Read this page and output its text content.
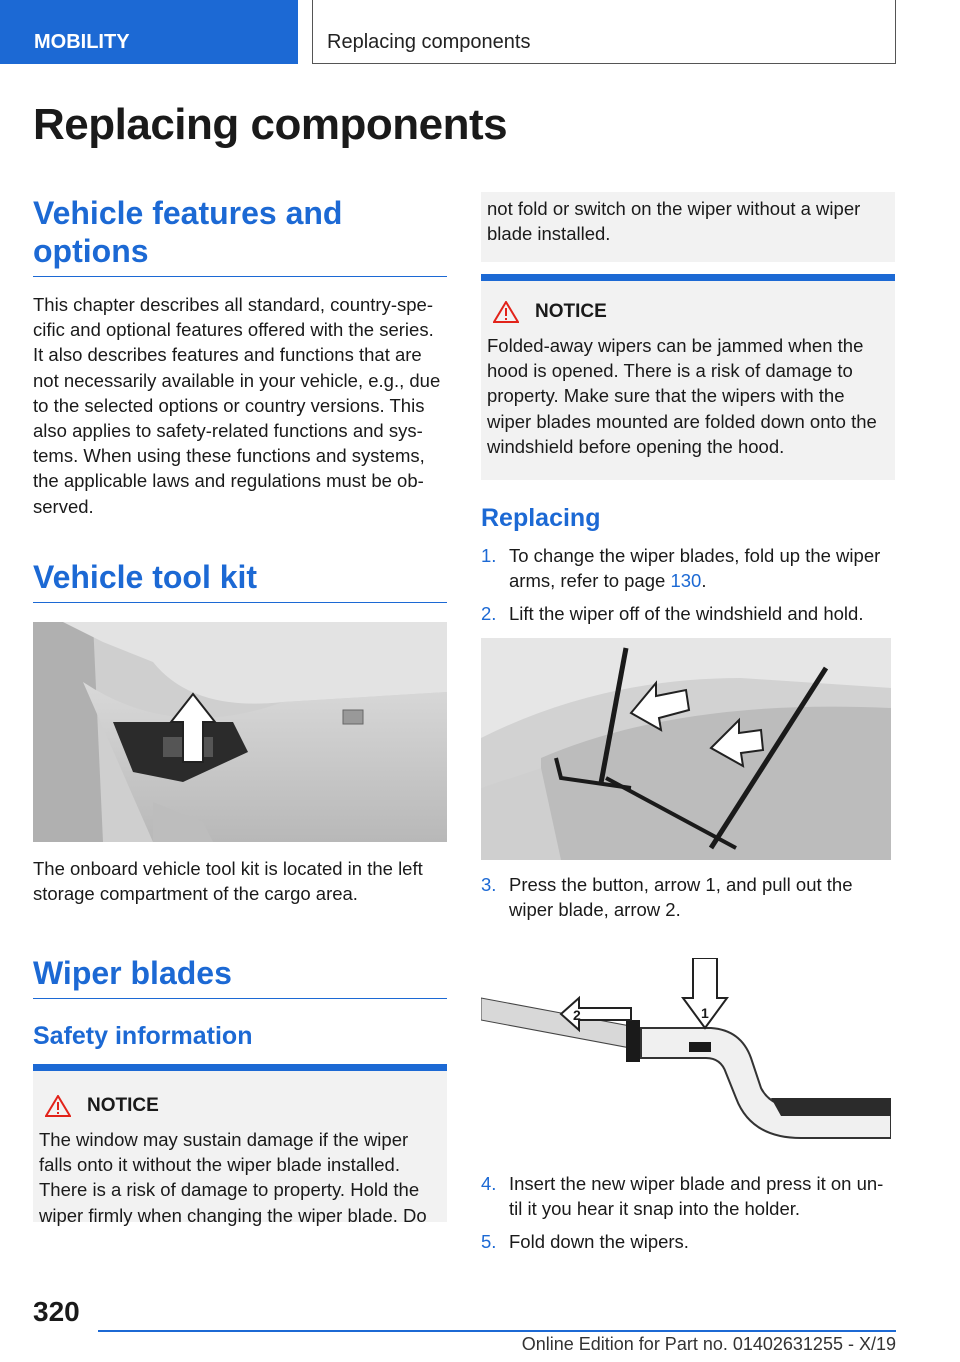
MOBILITY	Replacing components
Replacing components
Vehicle features and options

This chapter describes all standard, country-spe-cific and optional features offered with the series. It also describes features and functions that are not necessarily available in your vehicle, e.g., due to the selected options or country versions. This also applies to safety-related functions and sys-tems. When using these functions and systems, the applicable laws and regulations must be ob-served.

Vehicle tool kit

The onboard vehicle tool kit is located in the left storage compartment of the cargo area.

Wiper blades
Safety information
NOTICE

The window may sustain damage if the wiper falls onto it without the wiper blade installed. There is a risk of damage to property. Hold the wiper firmly when changing the wiper blade. Do

not fold or switch on the wiper without a wiper blade installed.
NOTICE

Folded-away wipers can be jammed when the hood is opened. There is a risk of damage to property. Make sure that the wipers with the wiper blades mounted are folded down onto the windshield before opening the hood.

Replacing
1. To change the wiper blades, fold up the wiper arms, refer to page 130.
2. Lift the wiper off of the windshield and hold.
3. Press the button, arrow 1, and pull out the wiper blade, arrow 2.
2	1
4. Insert the new wiper blade and press it on un-til it you hear it snap into the holder.
5. Fold down the wipers.
320
Online Edition for Part no. 01402631255 - X/19
